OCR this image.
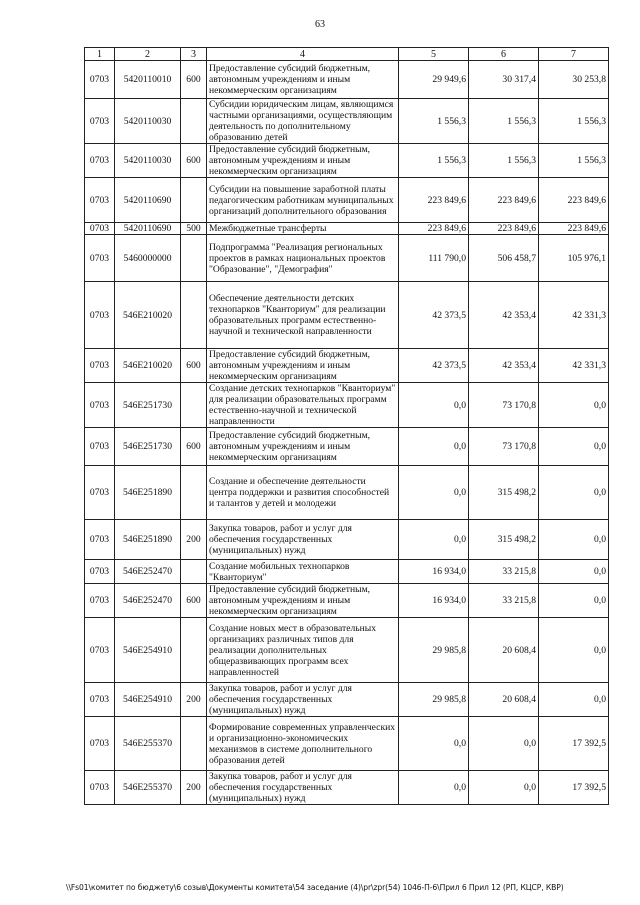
63
1	2	3	4	5	6	7
0703	5420110010	600	Предоставление субсидий бюджетным, автономным учреждениям и иным некоммерческим организациям	29 949,6	30 317,4	30 253,8
0703	5420110030		Субсидии юридическим лицам, являющимся частными организациями, осуществляющим деятельность по дополнительному образованию детей	1 556,3	1 556,3	1 556,3
0703	5420110030	600	Предоставление субсидий бюджетным, автономным учреждениям и иным некоммерческим организациям	1 556,3	1 556,3	1 556,3
0703	5420110690		Субсидии на повышение заработной платы педагогическим работникам муниципальных организаций дополнительного образования	223 849,6	223 849,6	223 849,6
0703	5420110690	500	Межбюджетные трансферты	223 849,6	223 849,6	223 849,6
0703	5460000000		Подпрограмма "Реализация региональных проектов в рамках национальных проектов "Образование", "Демография"	111 790,0	506 458,7	105 976,1
0703	546E210020		Обеспечение деятельности детских технопарков "Кванториум" для реализации образовательных программ естественно-научной и технической направленности	42 373,5	42 353,4	42 331,3
0703	546E210020	600	Предоставление субсидий бюджетным, автономным учреждениям и иным некоммерческим организациям	42 373,5	42 353,4	42 331,3
0703	546E251730		Создание детских технопарков "Кванториум" для реализации образовательных программ естественно-научной и технической направленности	0,0	73 170,8	0,0
0703	546E251730	600	Предоставление субсидий бюджетным, автономным учреждениям и иным некоммерческим организациям	0,0	73 170,8	0,0
0703	546E251890		Создание и обеспечение деятельности центра поддержки и развития способностей и талантов у детей и молодежи	0,0	315 498,2	0,0
0703	546E251890	200	Закупка товаров, работ и услуг для обеспечения государственных (муниципальных) нужд	0,0	315 498,2	0,0
0703	546E252470		Создание мобильных технопарков "Кванториум"	16 934,0	33 215,8	0,0
0703	546E252470	600	Предоставление субсидий бюджетным, автономным учреждениям и иным некоммерческим организациям	16 934,0	33 215,8	0,0
0703	546E254910		Создание новых мест в образовательных организациях различных типов для реализации дополнительных общеразвивающих программ всех направленностей	29 985,8	20 608,4	0,0
0703	546E254910	200	Закупка товаров, работ и услуг для обеспечения государственных (муниципальных) нужд	29 985,8	20 608,4	0,0
0703	546E255370		Формирование современных управленческих и организационно-экономических механизмов в системе дополнительного образования детей	0,0	0,0	17 392,5
0703	546E255370	200	Закупка товаров, работ и услуг для обеспечения государственных (муниципальных) нужд	0,0	0,0	17 392,5
\\Fs01\комитет по бюджету\6 созыв\Документы комитета\54 заседание (4)\pr\zpr(54) 1046-П-6\Прил 6 Прил 12 (РП, КЦСР, КВР)
